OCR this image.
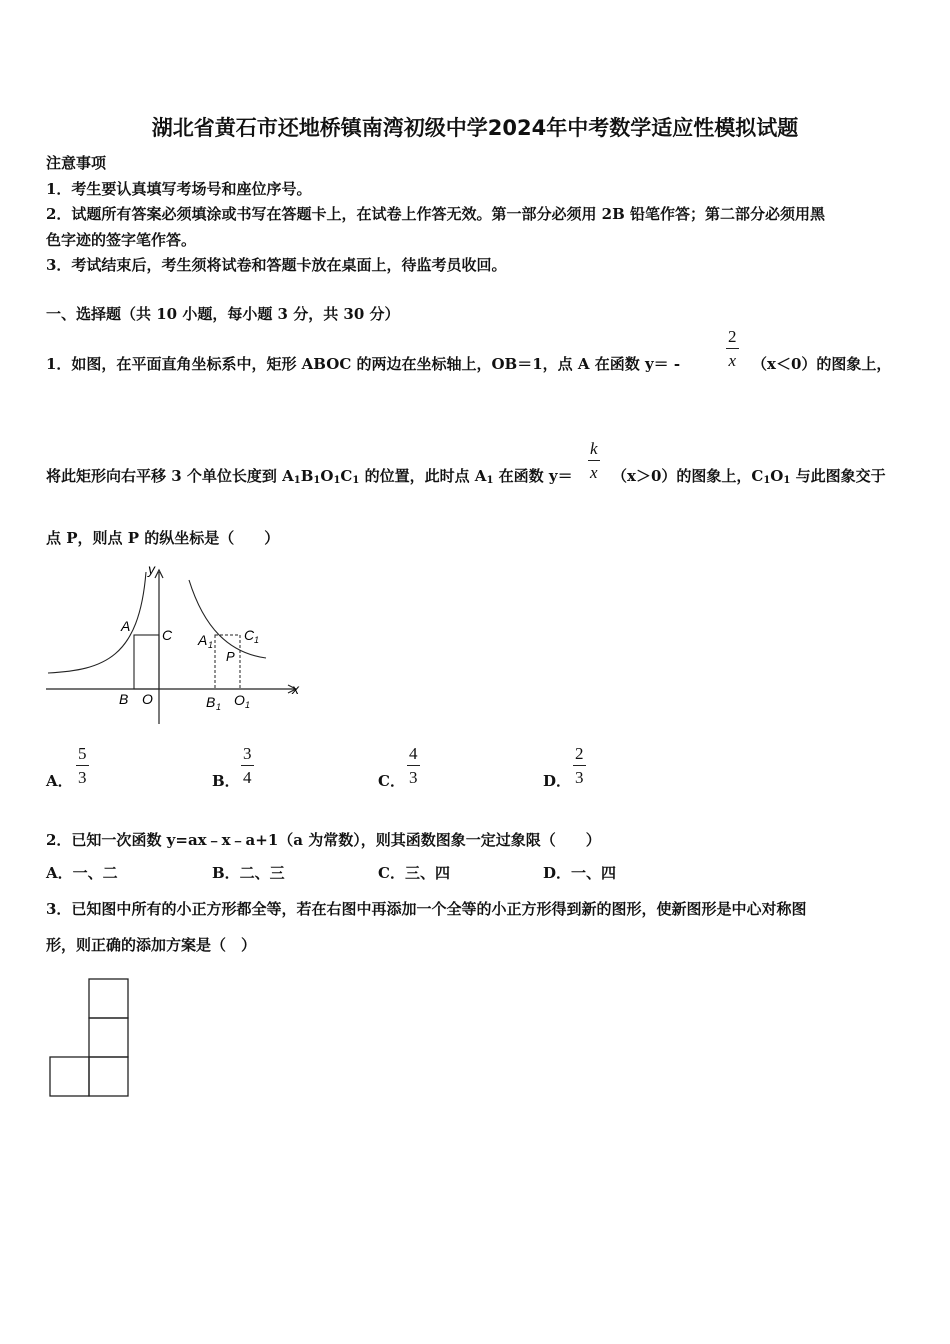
湖北省黄石市还地桥镇南湾初级中学2024年中考数学适应性模拟试题
注意事项
1．考生要认真填写考场号和座位序号。
2．试题所有答案必须填涂或书写在答题卡上，在试卷上作答无效。第一部分必须用 2B 铅笔作答；第二部分必须用黑
色字迹的签字笔作答。
3．考试结束后，考生须将试卷和答题卡放在桌面上，待监考员收回。
一、选择题（共 10 小题，每小题 3 分，共 30 分）
1．如图，在平面直角坐标系中，矩形 ABOC 的两边在坐标轴上，OB＝1，点 A 在函数 y＝ -	$\frac{2}{x} (x<0)$的图象上，
将此矩形向右平移 3 个单位长度到 $A_1B_1O_1C_1$ 的位置，此时点 $A_1$ 在函数 $y= \frac{k}{x} (x>0)$的图象上，$C_1O_1$ 与此图象交于
点 P，则点 P 的纵坐标是（　　）
A
C
B O
y
x
A 1
C 1
P
B 1 O 1
A． $\frac{5}{3}$	B． $\frac{3}{4}$	C． $\frac{4}{3}$	D． $\frac{2}{3}$
2．已知一次函数 y=ax﹣x﹣a+1（a 为常数），则其函数图象一定过象限（　　）
A．一、二	B．二、三	C．三、四	D．一、四
3．已知图中所有的小正方形都全等，若在右图中再添加一个全等的小正方形得到新的图形，使新图形是中心对称图
形，则正确的添加方案是（　）
